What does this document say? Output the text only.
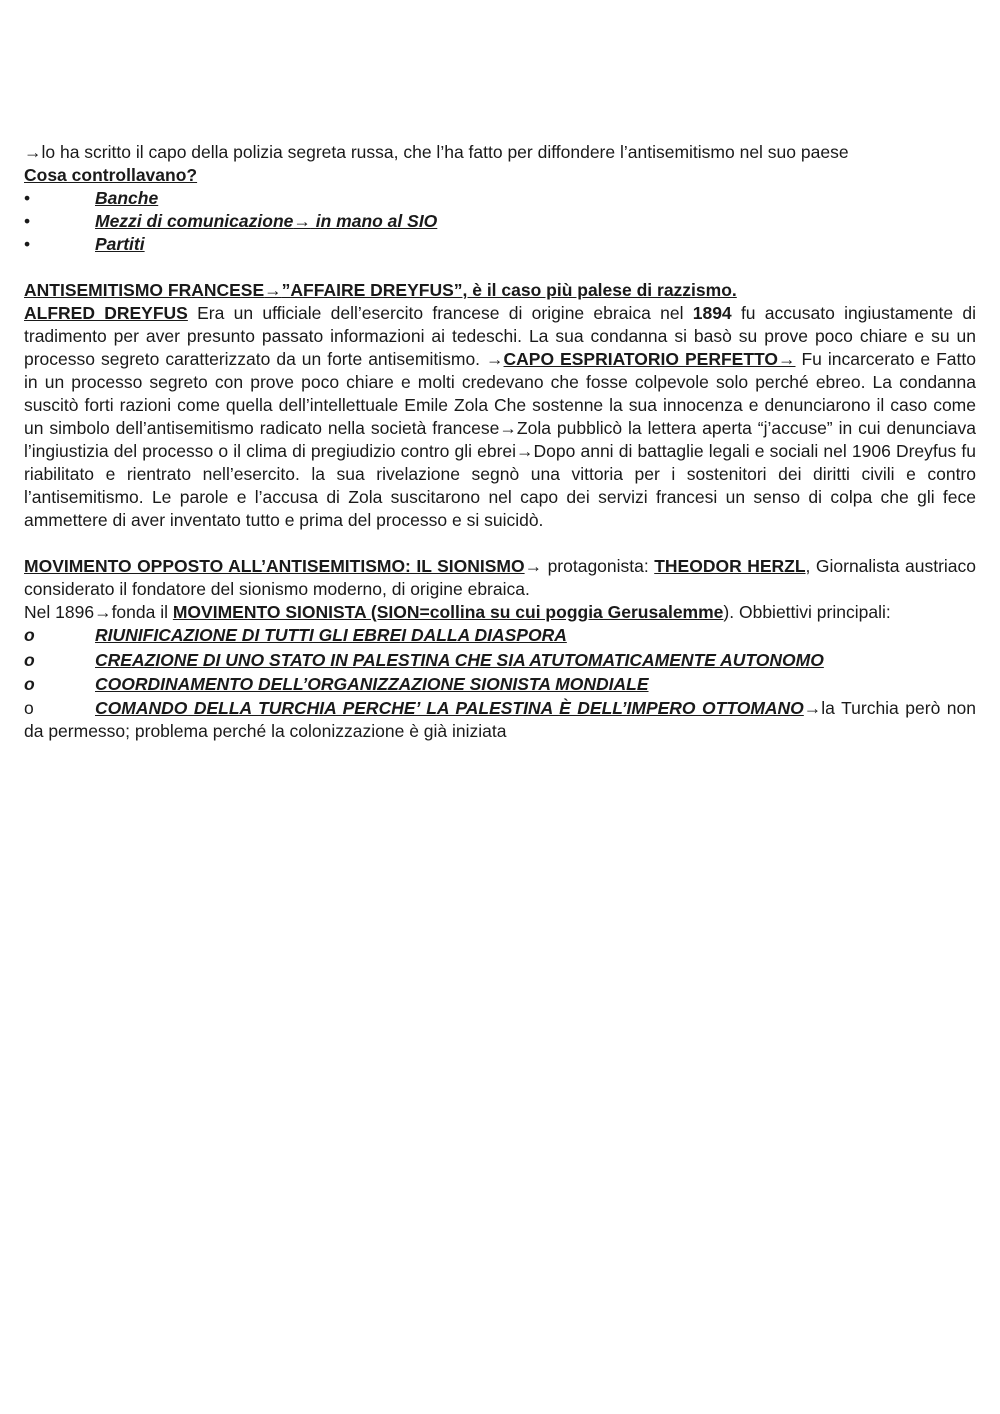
→lo ha scritto il capo della polizia segreta russa, che l’ha fatto per diffondere l’antisemitismo nel suo paese
Cosa controllavano?
•	Banche
•	Mezzi di comunicazione→ in mano al SIO
•	Partiti
ANTISEMITISMO FRANCESE→”AFFAIRE DREYFUS”, è il caso più palese di razzismo.
ALFRED DREYFUS Era un ufficiale dell’esercito francese di origine ebraica nel 1894 fu accusato ingiustamente di tradimento per aver presunto passato informazioni ai tedeschi. La sua condanna si basò su prove poco chiare e su un processo segreto caratterizzato da un forte antisemitismo. →CAPO ESPRIATORIO PERFETTO→ Fu incarcerato e Fatto in un processo segreto con prove poco chiare e molti credevano che fosse colpevole solo perché ebreo. La condanna suscitò forti razioni come quella dell’intellettuale Emile Zola Che sostenne la sua innocenza e denunciarono il caso come un simbolo dell’antisemitismo radicato nella società francese→Zola pubblicò la lettera aperta “j’accuse” in cui denunciava l’ingiustizia del processo o il clima di pregiudizio contro gli ebrei→Dopo anni di battaglie legali e sociali nel 1906 Dreyfus fu riabilitato e rientrato nell’esercito. la sua rivelazione segnò una vittoria per i sostenitori dei diritti civili e contro l’antisemitismo. Le parole e l’accusa di Zola suscitarono nel capo dei servizi francesi un senso di colpa che gli fece ammettere di aver inventato tutto e prima del processo e si suicidò.
MOVIMENTO OPPOSTO ALL’ANTISEMITISMO: IL SIONISMO→ protagonista: THEODOR HERZL, Giornalista austriaco considerato il fondatore del sionismo moderno, di origine ebraica.
Nel 1896→fonda il MOVIMENTO SIONISTA (SION=collina su cui poggia Gerusalemme). Obbiettivi principali:
o	RIUNIFICAZIONE DI TUTTI GLI EBREI DALLA DIASPORA
o	CREAZIONE DI UNO STATO IN PALESTINA CHE SIA ATUTOMATICAMENTE AUTONOMO
o	COORDINAMENTO DELL’ORGANIZZAZIONE SIONISTA MONDIALE
o	COMANDO DELLA TURCHIA PERCHE’ LA PALESTINA È DELL’IMPERO OTTOMANO→la Turchia però non da permesso; problema perché la colonizzazione è già iniziata
